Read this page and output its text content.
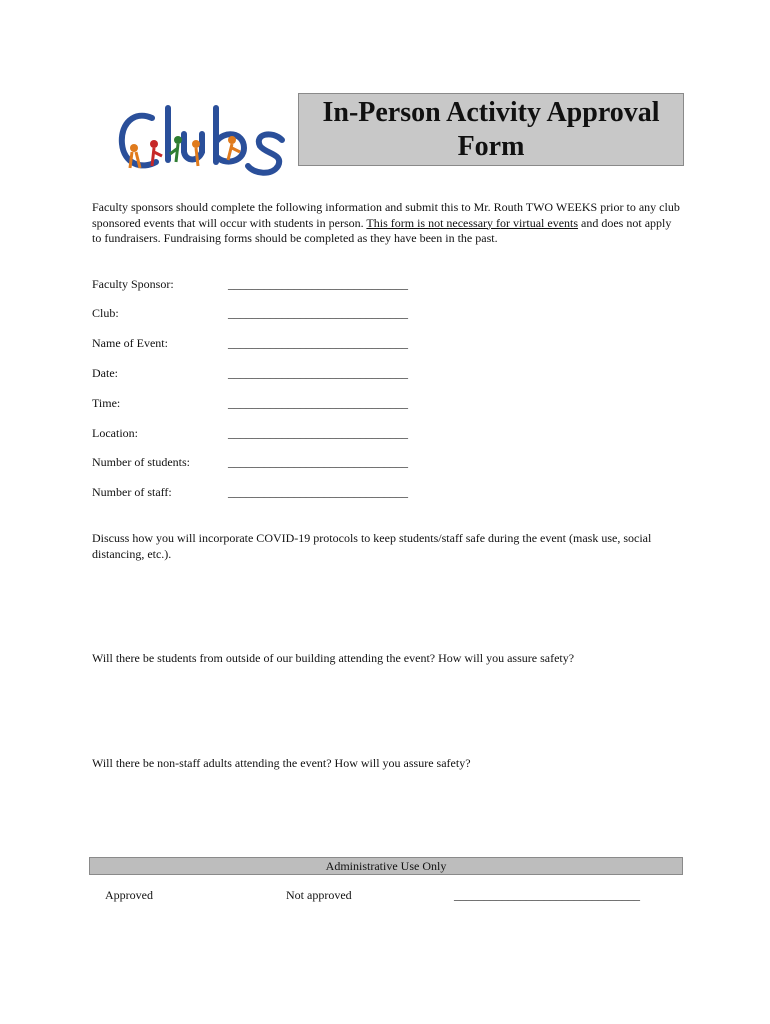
In-Person Activity Approval
Form
Faculty sponsors should complete the following information and submit this to Mr. Routh TWO WEEKS prior to any club sponsored events that will occur with students in person. This form is not necessary for virtual events and does not apply to fundraisers. Fundraising forms should be completed as they have been in the past.
Faculty Sponsor:	______________________________
Club:	______________________________
Name of Event:	______________________________
Date:	______________________________
Time:	______________________________
Location:	______________________________
Number of students:	______________________________
Number of staff:	______________________________
Discuss how you will incorporate COVID-19 protocols to keep students/staff safe during the event (mask use, social distancing, etc.).
Will there be students from outside of our building attending the event? How will you assure safety?
Will there be non-staff adults attending the event? How will you assure safety?
Administrative Use Only
Approved	Not approved	_______________________________
